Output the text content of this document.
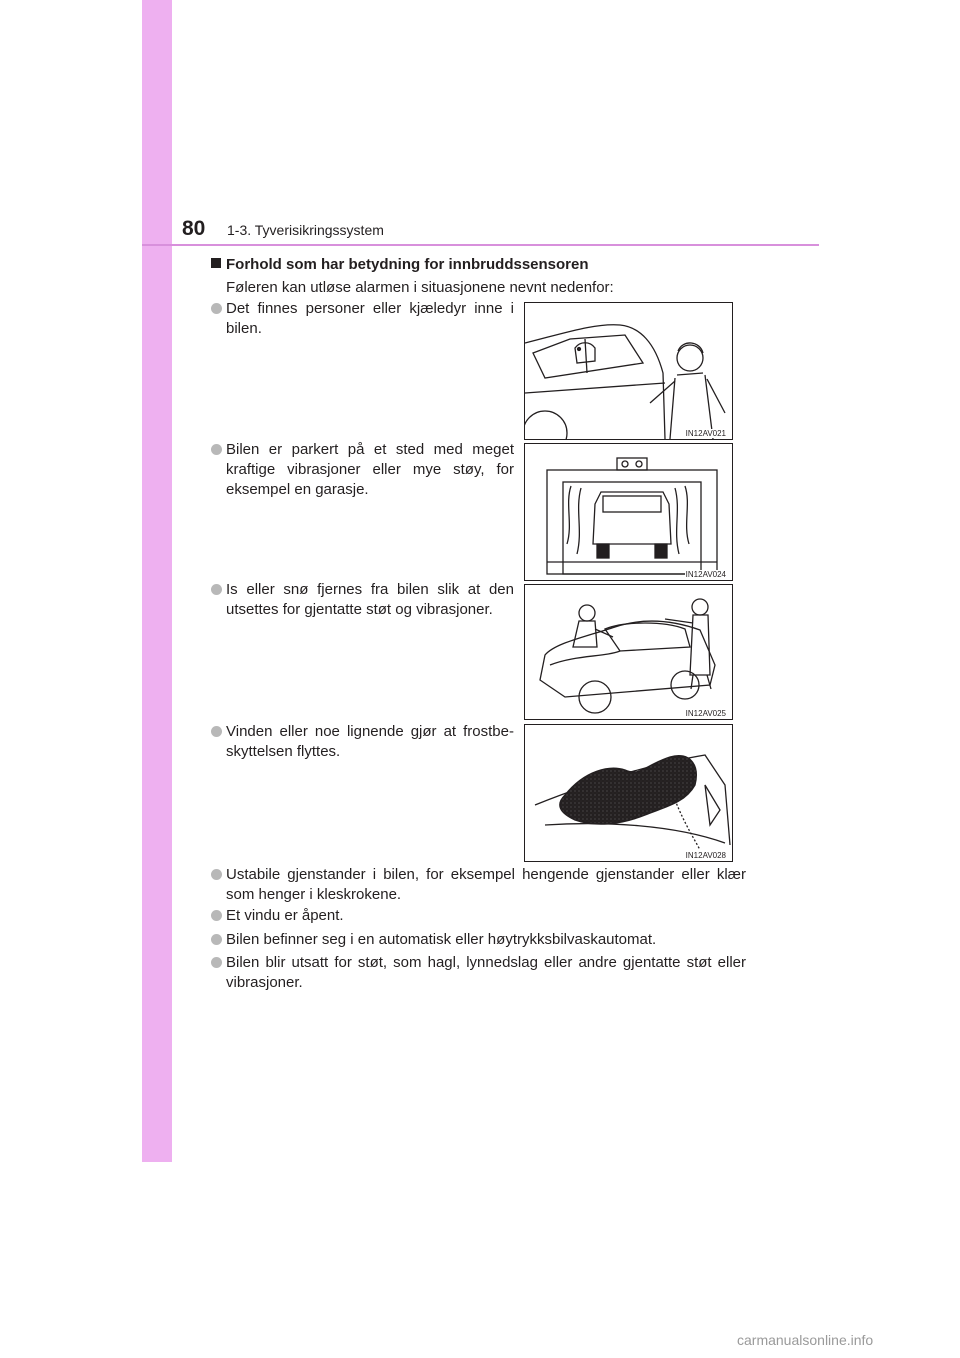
80 1-3. Tyverisikringssystem
Forhold som har betydning for innbruddssensoren
Føleren kan utløse alarmen i situasjonene nevnt nedenfor:
Det finnes personer eller kjæledyr inne i bilen.
IN12AV021
Bilen er parkert på et sted med meget kraftige vibrasjoner eller mye støy, for eksempel en garasje.
IN12AV024
Is eller snø fjernes fra bilen slik at den utsettes for gjentatte støt og vibrasjoner.
IN12AV025
Vinden eller noe lignende gjør at frostbe-skyttelsen flyttes.
IN12AV028
Ustabile gjenstander i bilen, for eksempel hengende gjenstander eller klær som henger i kleskrokene.
Et vindu er åpent.
Bilen befinner seg i en automatisk eller høytrykksbilvaskautomat.
Bilen blir utsatt for støt, som hagl, lynnedslag eller andre gjentatte støt eller vibrasjoner.
carmanualsonline.info
